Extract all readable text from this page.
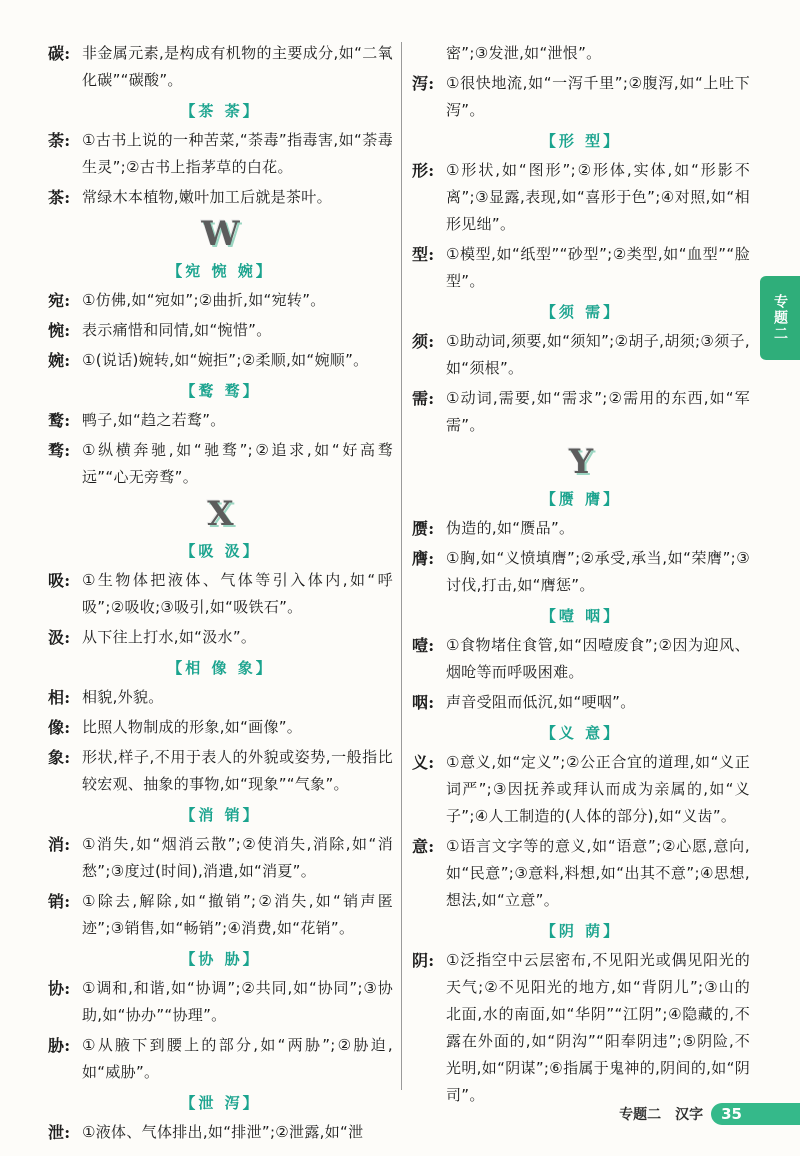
碳: 非金属元素,是构成有机物的主要成分,如“二氧化碳”“碳酸”。
【茶 荼】
荼: ①古书上说的一种苦菜,“荼毒”指毒害,如“荼毒生灵”;②古书上指茅草的白花。
茶: 常绿木本植物,嫩叶加工后就是茶叶。
W
【宛 惋 婉】
宛: ①仿佛,如“宛如”;②曲折,如“宛转”。
惋: 表示痛惜和同情,如“惋惜”。
婉: ①(说话)婉转,如“婉拒”;②柔顺,如“婉顺”。
【鹜 骛】
鹜: 鸭子,如“趋之若鹜”。
骛: ①纵横奔驰,如“驰骛”;②追求,如“好高骛远”“心无旁骛”。
X
【吸 汲】
吸: ①生物体把液体、气体等引入体内,如“呼吸”;②吸收;③吸引,如“吸铁石”。
汲: 从下往上打水,如“汲水”。
【相 像 象】
相: 相貌,外貌。
像: 比照人物制成的形象,如“画像”。
象: 形状,样子,不用于表人的外貌或姿势,一般指比较宏观、抽象的事物,如“现象”“气象”。
【消 销】
消: ①消失,如“烟消云散”;②使消失,消除,如“消愁”;③度过(时间),消遣,如“消夏”。
销: ①除去,解除,如“撤销”;②消失,如“销声匿迹”;③销售,如“畅销”;④消费,如“花销”。
【协 胁】
协: ①调和,和谐,如“协调”;②共同,如“协同”;③协助,如“协办”“协理”。
胁: ①从腋下到腰上的部分,如“两胁”;②胁迫,如“威胁”。
【泄 泻】
泄: ①液体、气体排出,如“排泄”;②泄露,如“泄
密”;③发泄,如“泄恨”。
泻: ①很快地流,如“一泻千里”;②腹泻,如“上吐下泻”。
【形 型】
形: ①形状,如“图形”;②形体,实体,如“形影不离”;③显露,表现,如“喜形于色”;④对照,如“相形见绌”。
型: ①模型,如“纸型”“砂型”;②类型,如“血型”“脸型”。
【须 需】
须: ①助动词,须要,如“须知”;②胡子,胡须;③须子,如“须根”。
需: ①动词,需要,如“需求”;②需用的东西,如“军需”。
Y
【赝 膺】
赝: 伪造的,如“赝品”。
膺: ①胸,如“义愤填膺”;②承受,承当,如“荣膺”;③讨伐,打击,如“膺惩”。
【噎 咽】
噎: ①食物堵住食管,如“因噎废食”;②因为迎风、烟呛等而呼吸困难。
咽: 声音受阻而低沉,如“哽咽”。
【义 意】
义: ①意义,如“定义”;②公正合宜的道理,如“义正词严”;③因抚养或拜认而成为亲属的,如“义子”;④人工制造的(人体的部分),如“义齿”。
意: ①语言文字等的意义,如“语意”;②心愿,意向,如“民意”;③意料,料想,如“出其不意”;④思想,想法,如“立意”。
【阴 荫】
阴: ①泛指空中云层密布,不见阳光或偶见阳光的天气;②不见阳光的地方,如“背阴儿”;③山的北面,水的南面,如“华阴”“江阴”;④隐藏的,不露在外面的,如“阴沟”“阳奉阴违”;⑤阴险,不光明,如“阴谋”;⑥指属于鬼神的,阴间的,如“阴司”。
专题二
专题二　汉字	35
